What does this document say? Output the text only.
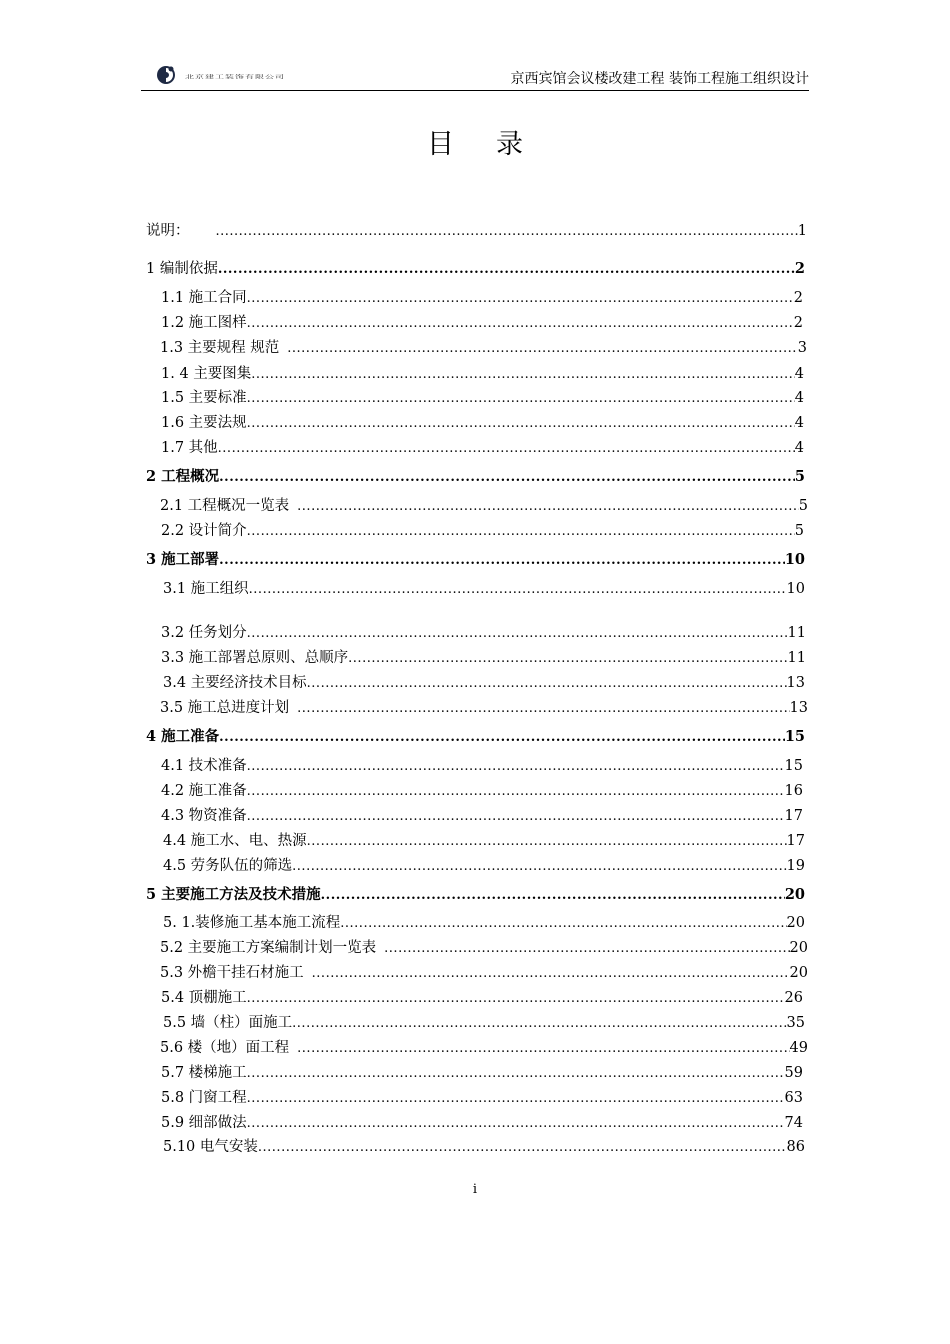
北京建工装饰有限公司	京西宾馆会议楼改建工程 装饰工程施工组织设计
目录
说明： .....	1
1 编制依据 .....	2
1.1 施工合同 .....	2
1.2 施工图样 .....	2
1.3 主要规程 规范 .....	3
1. 4 主要图集 .....	4
1.5 主要标准 .....	4
1.6 主要法规 .....	4
1.7 其他 .....	4
2 工程概况 .....	5
2.1 工程概况一览表 .....	5
2.2 设计简介 .....	5
3 施工部署 .....	10
3.1 施工组织 .....	10
3.2 任务划分 .....	11
3.3 施工部署总原则、总顺序 .....	11
3.4 主要经济技术目标 .....	13
3.5 施工总进度计划 .....	13
4 施工准备 .....	15
4.1 技术准备 .....	15
4.2 施工准备 .....	16
4.3 物资准备 .....	17
4.4 施工水、电、热源 .....	17
4.5 劳务队伍的筛选 .....	19
5 主要施工方法及技术措施 .....	20
5. 1.装修施工基本施工流程 .....	20
5.2 主要施工方案编制计划一览表 .....	20
5.3 外檐干挂石材施工 .....	20
5.4 顶棚施工 .....	26
5.5 墙（柱）面施工 .....	35
5.6 楼（地）面工程 .....	49
5.7 楼梯施工 .....	59
5.8 门窗工程 .....	63
5.9 细部做法 .....	74
5.10 电气安装 .....	86
i
